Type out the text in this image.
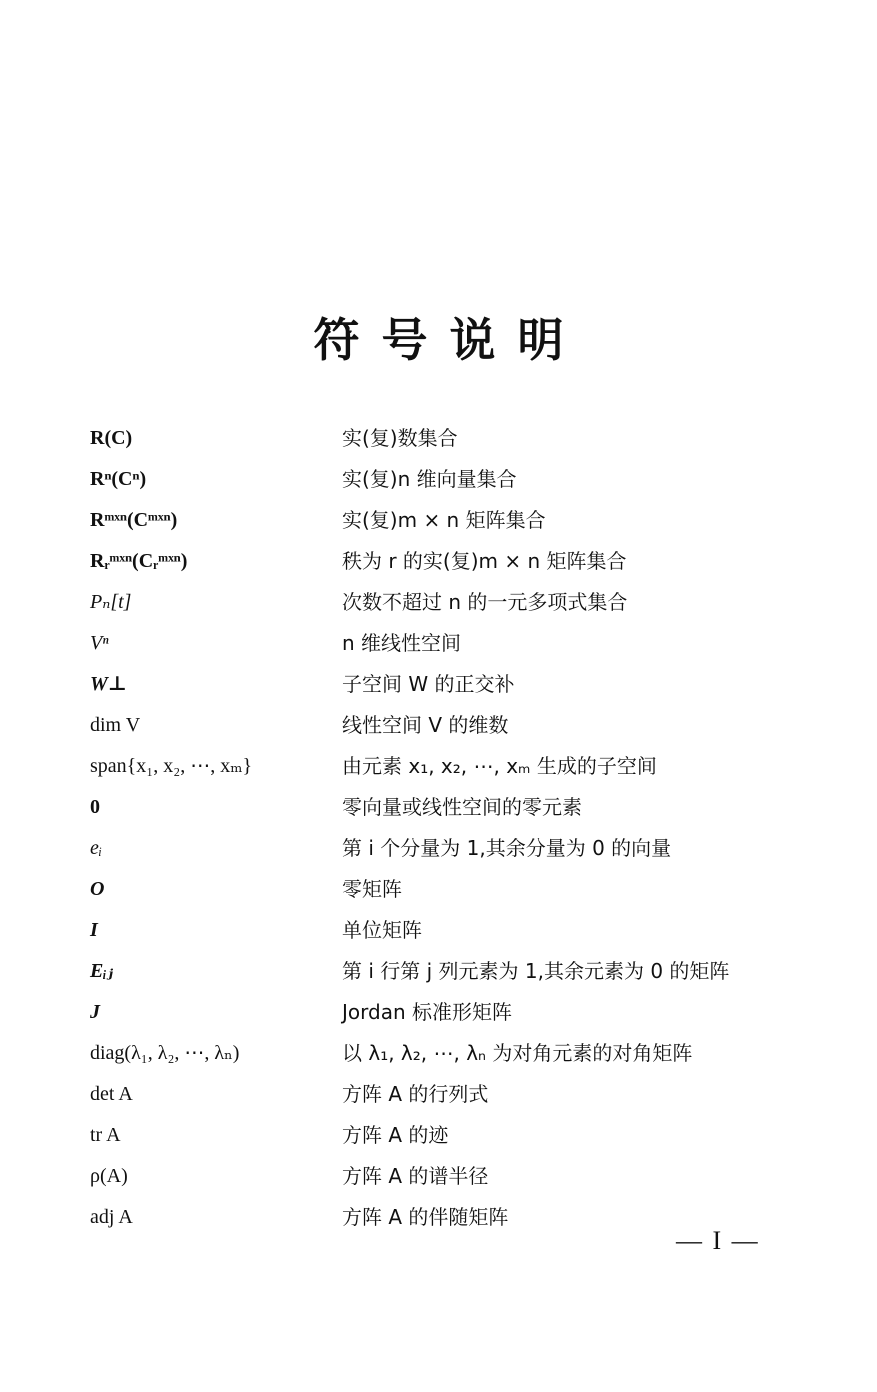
符号说明
R(C)	实(复)数集合
Rⁿ(Cⁿ)	实(复)n 维向量集合
Rᵐˣⁿ(Cᵐˣⁿ)	实(复)m × n 矩阵集合
Rᵣᵐˣⁿ(Cᵣᵐˣⁿ)	秩为 r 的实(复)m × n 矩阵集合
Pₙ[t]	次数不超过 n 的一元多项式集合
Vⁿ	n 维线性空间
W⊥	子空间 W 的正交补
dim V	线性空间 V 的维数
span{x₁, x₂, ⋯, xₘ}	由元素 x₁, x₂, ⋯, xₘ 生成的子空间
0	零向量或线性空间的零元素
eᵢ	第 i 个分量为 1,其余分量为 0 的向量
O	零矩阵
I	单位矩阵
Eᵢⱼ	第 i 行第 j 列元素为 1,其余元素为 0 的矩阵
J	Jordan 标准形矩阵
diag(λ₁, λ₂, ⋯, λₙ)	以 λ₁, λ₂, ⋯, λₙ 为对角元素的对角矩阵
det A	方阵 A 的行列式
tr A	方阵 A 的迹
ρ(A)	方阵 A 的谱半径
adj A	方阵 A 的伴随矩阵
— I —
